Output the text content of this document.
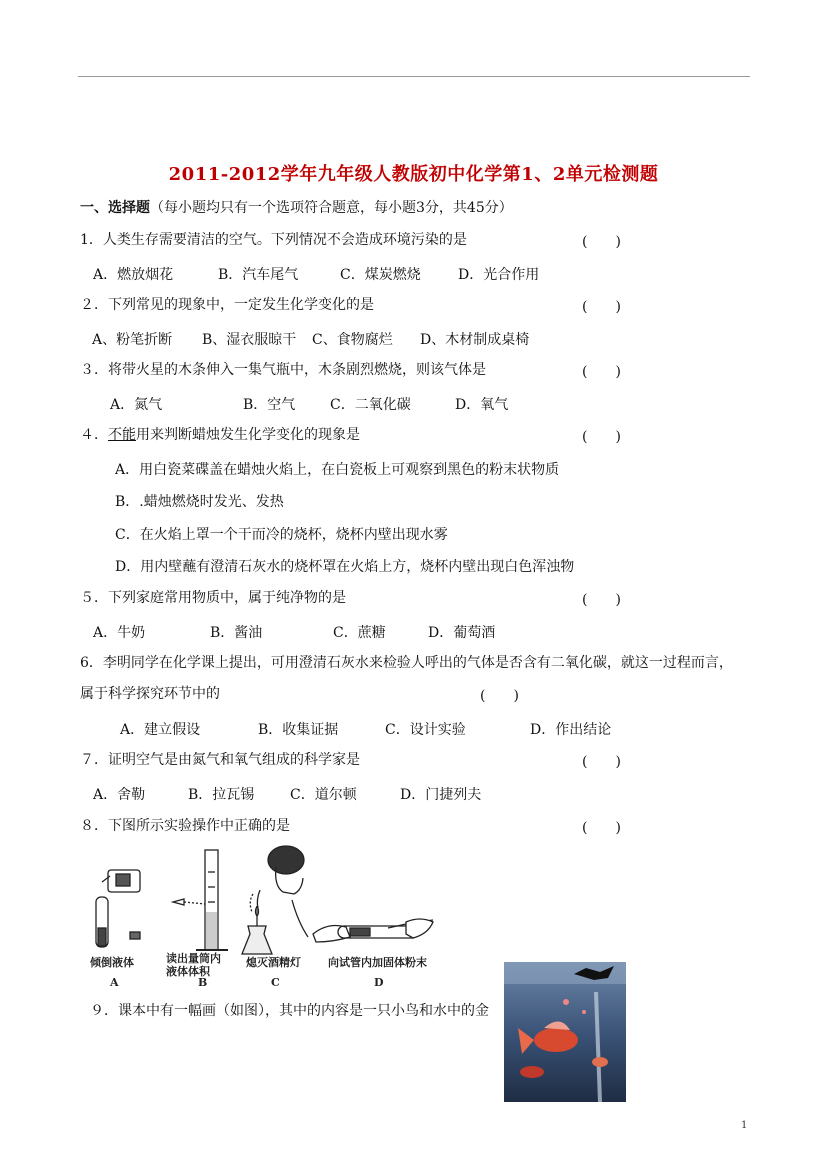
2011-2012学年九年级人教版初中化学第1、2单元检测题
一、选择题（每小题均只有一个选项符合题意，每小题3分，共45分）
1．人类生存需要清洁的空气。下列情况不会造成环境污染的是	(　　)
A．燃放烟花	B．汽车尾气	C．煤炭燃烧	D．光合作用
２．下列常见的现象中，一定发生化学变化的是	(　　)
A、粉笔折断 B、湿衣服晾干 C、食物腐烂 D、木材制成桌椅
３．将带火星的木条伸入一集气瓶中，木条剧烈燃烧，则该气体是	(　　)
A．氮气	B．空气 C．二氧化碳	D．氧气
４．不能用来判断蜡烛发生化学变化的现象是	(　　)
A．用白瓷菜碟盖在蜡烛火焰上，在白瓷板上可观察到黑色的粉末状物质
B．.蜡烛燃烧时发光、发热
C．在火焰上罩一个干而冷的烧杯，烧杯内壁出现水雾
D．用内壁蘸有澄清石灰水的烧杯罩在火焰上方，烧杯内壁出现白色浑浊物
５．下列家庭常用物质中，属于纯净物的是	(　　)
A．牛奶	B．酱油	C．蔗糖	D．葡萄酒
6．李明同学在化学课上提出，可用澄清石灰水来检验人呼出的气体是否含有二氧化碳，就这一过程而言，
属于科学探究环节中的	(　　)
A．建立假设	B．收集证据	C．设计实验	D．作出结论
７．证明空气是由氮气和氧气组成的科学家是	(　　)
A．舍勒	B．拉瓦锡	C．道尔顿	D．门捷列夫
８．下图所示实验操作中正确的是	(　　)
倾倒液体	读出量筒内 液体体积
熄灭酒精灯 向试管内加固体粉末
A	B	C	D
９．课本中有一幅画（如图），其中的内容是一只小鸟和水中的金
1
